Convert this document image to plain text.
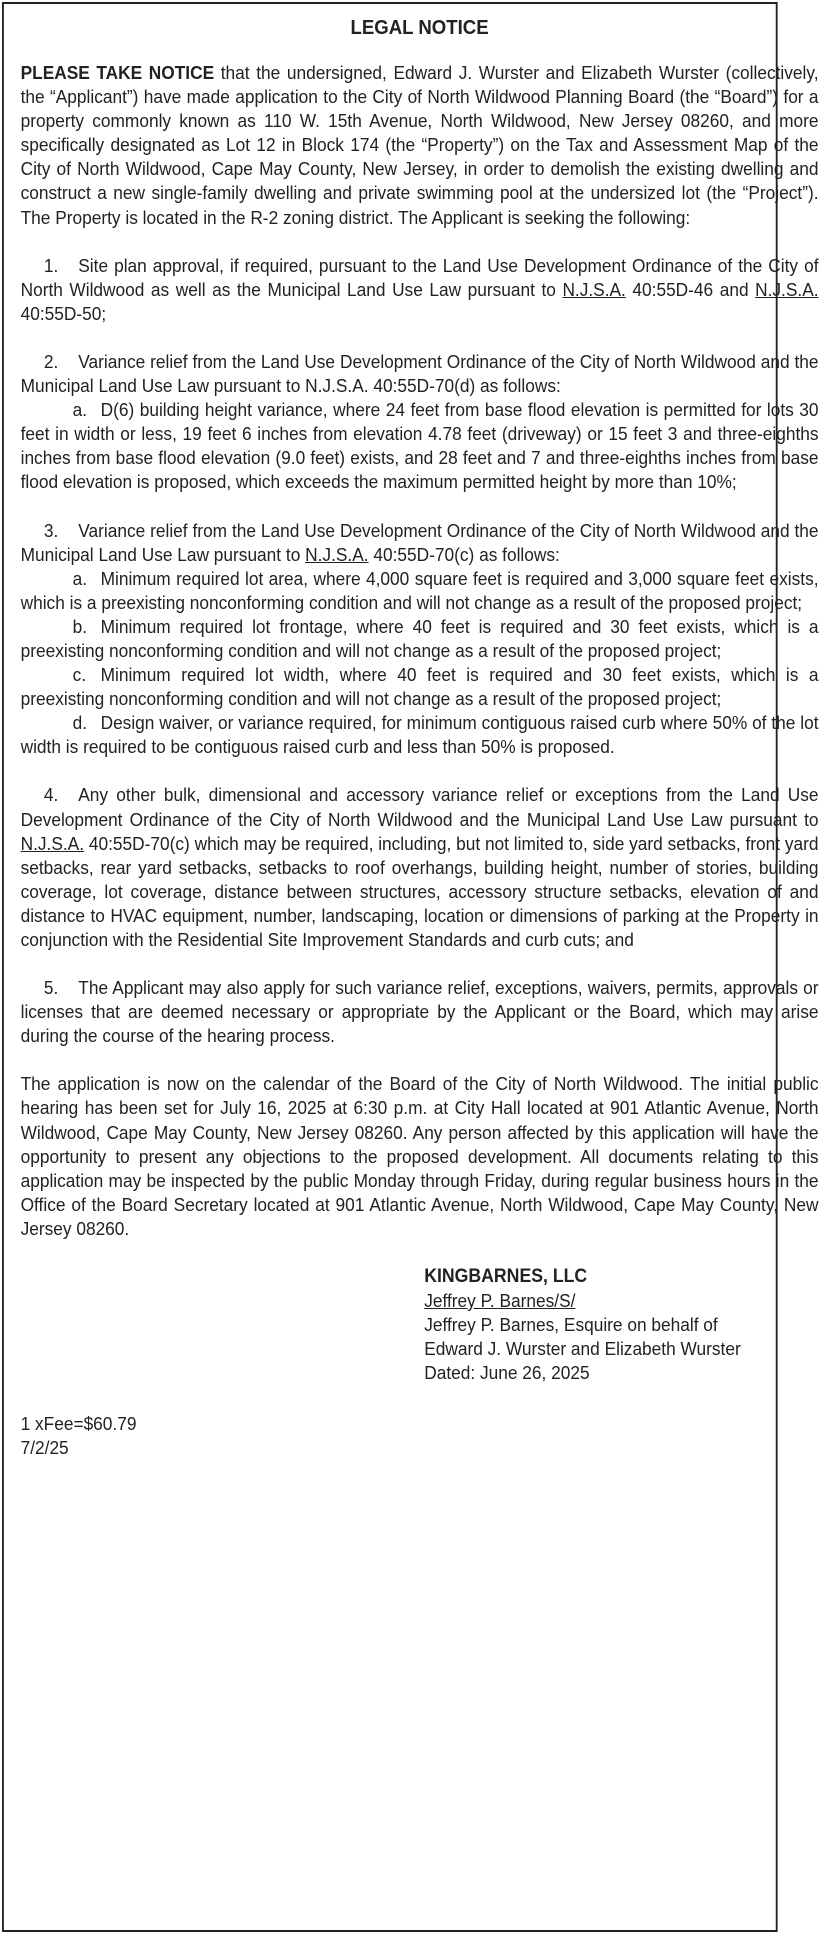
LEGAL NOTICE

PLEASE TAKE NOTICE that the undersigned, Edward J. Wurster and Elizabeth Wurster (collectively, the “Applicant”) have made application to the City of North Wildwood Planning Board (the “Board”) for a property commonly known as 110 W. 15th Avenue, North Wildwood, New Jersey 08260, and more specifically designated as Lot 12 in Block 174 (the “Property”) on the Tax and Assessment Map of the City of North Wildwood, Cape May County, New Jersey, in order to demolish the existing dwelling and construct a new single-family dwelling and private swimming pool at the undersized lot (the “Project”). The Property is located in the R-2 zoning district. The Applicant is seeking the following:

1. Site plan approval, if required, pursuant to the Land Use Development Ordinance of the City of North Wildwood as well as the Municipal Land Use Law pursuant to N.J.S.A. 40:55D-46 and N.J.S.A. 40:55D-50;

2. Variance relief from the Land Use Development Ordinance of the City of North Wildwood and the Municipal Land Use Law pursuant to N.J.S.A. 40:55D-70(d) as follows:

a. D(6) building height variance, where 24 feet from base flood elevation is permitted for lots 30 feet in width or less, 19 feet 6 inches from elevation 4.78 feet (driveway) or 15 feet 3 and three-eighths inches from base flood elevation (9.0 feet) exists, and 28 feet and 7 and three-eighths inches from base flood elevation is proposed, which exceeds the maximum permitted height by more than 10%;

3. Variance relief from the Land Use Development Ordinance of the City of North Wildwood and the Municipal Land Use Law pursuant to N.J.S.A. 40:55D-70(c) as follows:

a. Minimum required lot area, where 4,000 square feet is required and 3,000 square feet exists, which is a preexisting nonconforming condition and will not change as a result of the proposed project;

b. Minimum required lot frontage, where 40 feet is required and 30 feet exists, which is a preexisting nonconforming condition and will not change as a result of the proposed project;

c. Minimum required lot width, where 40 feet is required and 30 feet exists, which is a preexisting nonconforming condition and will not change as a result of the proposed project;

d. Design waiver, or variance required, for minimum contiguous raised curb where 50% of the lot width is required to be contiguous raised curb and less than 50% is proposed.

4. Any other bulk, dimensional and accessory variance relief or exceptions from the Land Use Development Ordinance of the City of North Wildwood and the Municipal Land Use Law pursuant to N.J.S.A. 40:55D-70(c) which may be required, including, but not limited to, side yard setbacks, front yard setbacks, rear yard setbacks, setbacks to roof overhangs, building height, number of stories, building coverage, lot coverage, distance between structures, accessory structure setbacks, elevation of and distance to HVAC equipment, number, landscaping, location or dimensions of parking at the Property in conjunction with the Residential Site Improvement Standards and curb cuts; and

5. The Applicant may also apply for such variance relief, exceptions, waivers, permits, approvals or licenses that are deemed necessary or appropriate by the Applicant or the Board, which may arise during the course of the hearing process.

The application is now on the calendar of the Board of the City of North Wildwood. The initial public hearing has been set for July 16, 2025 at 6:30 p.m. at City Hall located at 901 Atlantic Avenue, North Wildwood, Cape May County, New Jersey 08260. Any person affected by this application will have the opportunity to present any objections to the proposed development. All documents relating to this application may be inspected by the public Monday through Friday, during regular business hours in the Office of the Board Secretary located at 901 Atlantic Avenue, North Wildwood, Cape May County, New Jersey 08260.

KINGBARNES, LLC
Jeffrey P. Barnes/S/
Jeffrey P. Barnes, Esquire on behalf of
Edward J. Wurster and Elizabeth Wurster
Dated: June 26, 2025
1 xFee=$60.79
7/2/25
